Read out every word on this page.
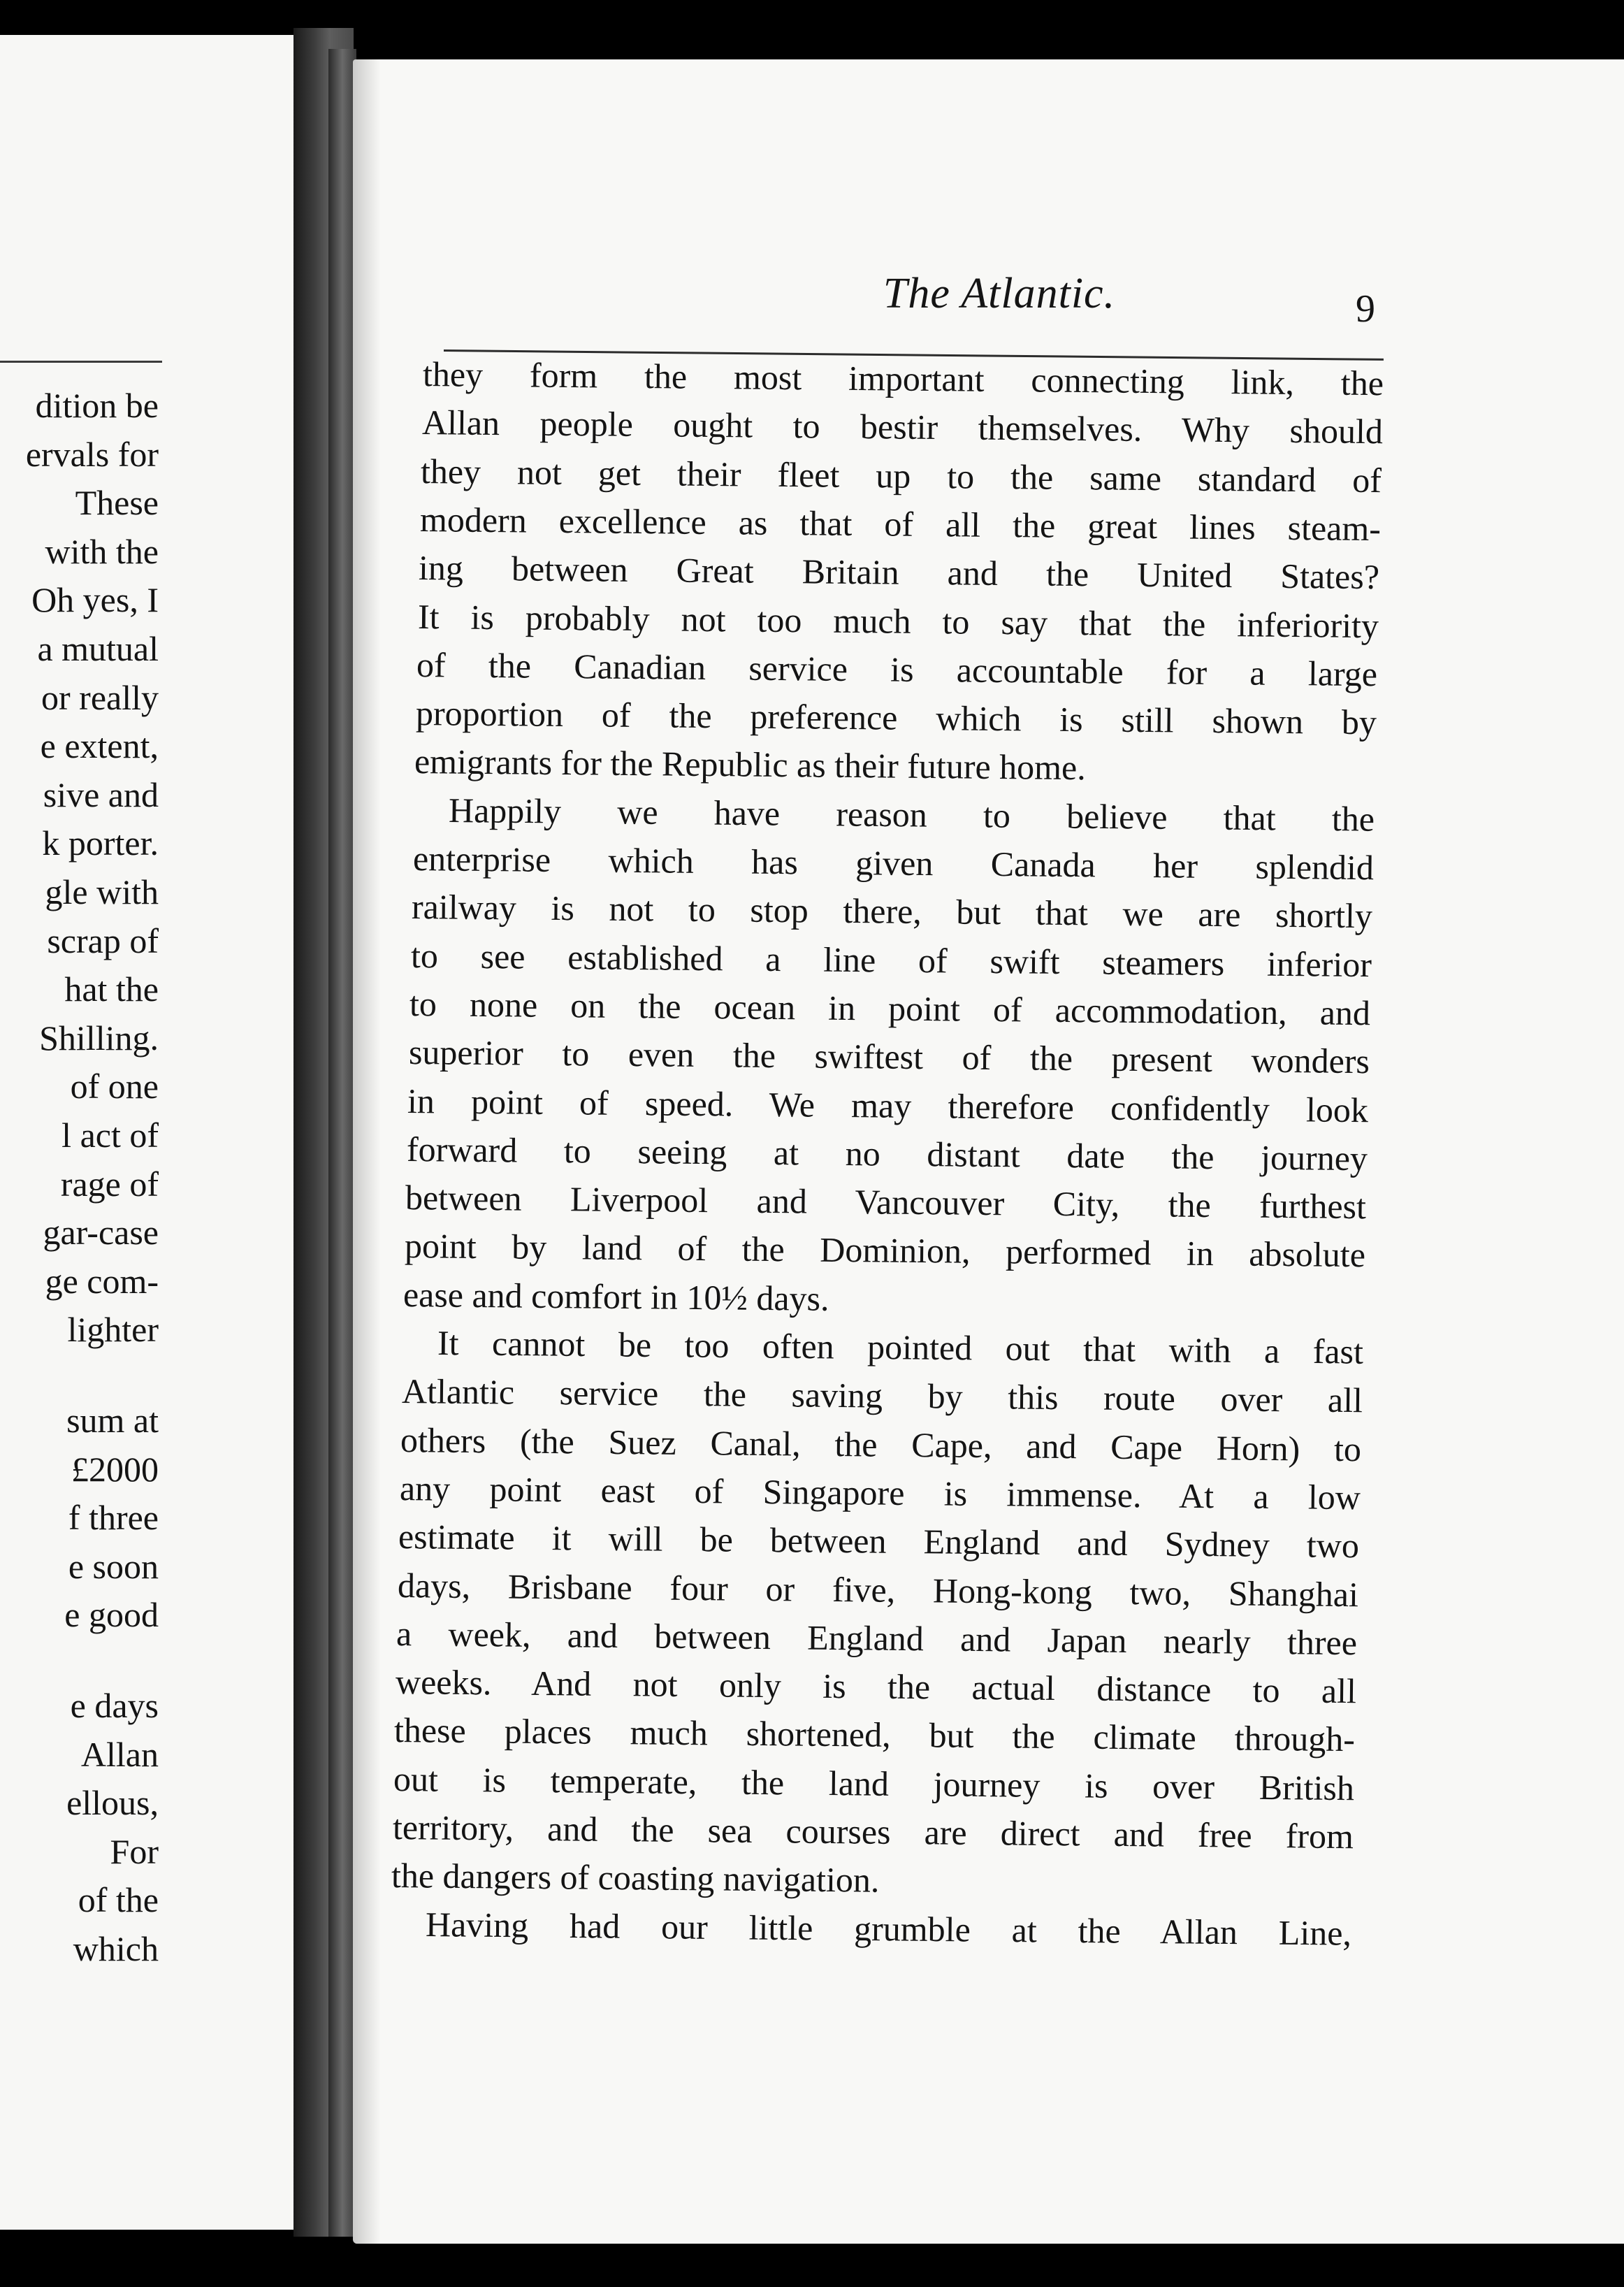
dition be
ervals for
These
with the
Oh yes, I
a mutual
or really
e extent,
sive and
k porter.
gle with
scrap of
hat the
Shilling.
of one
l act of
rage of
gar-case
ge com-
lighter
sum at
£2000
f three
e soon
e good
e days
Allan
ellous,
For
of the
which
The Atlantic.	9
they form the most important connecting link, the
Allan people ought to bestir themselves. Why should
they not get their fleet up to the same standard of
modern excellence as that of all the great lines steam-
ing between Great Britain and the United States?
It is probably not too much to say that the inferiority
of the Canadian service is accountable for a large
proportion of the preference which is still shown by
emigrants for the Republic as their future home.
Happily we have reason to believe that the
enterprise which has given Canada her splendid
railway is not to stop there, but that we are shortly
to see established a line of swift steamers inferior
to none on the ocean in point of accommodation, and
superior to even the swiftest of the present wonders
in point of speed. We may therefore confidently look
forward to seeing at no distant date the journey
between Liverpool and Vancouver City, the furthest
point by land of the Dominion, performed in absolute
ease and comfort in 10½ days.
It cannot be too often pointed out that with a fast
Atlantic service the saving by this route over all
others (the Suez Canal, the Cape, and Cape Horn) to
any point east of Singapore is immense. At a low
estimate it will be between England and Sydney two
days, Brisbane four or five, Hong-kong two, Shanghai
a week, and between England and Japan nearly three
weeks. And not only is the actual distance to all
these places much shortened, but the climate through-
out is temperate, the land journey is over British
territory, and the sea courses are direct and free from
the dangers of coasting navigation.
Having had our little grumble at the Allan Line,
